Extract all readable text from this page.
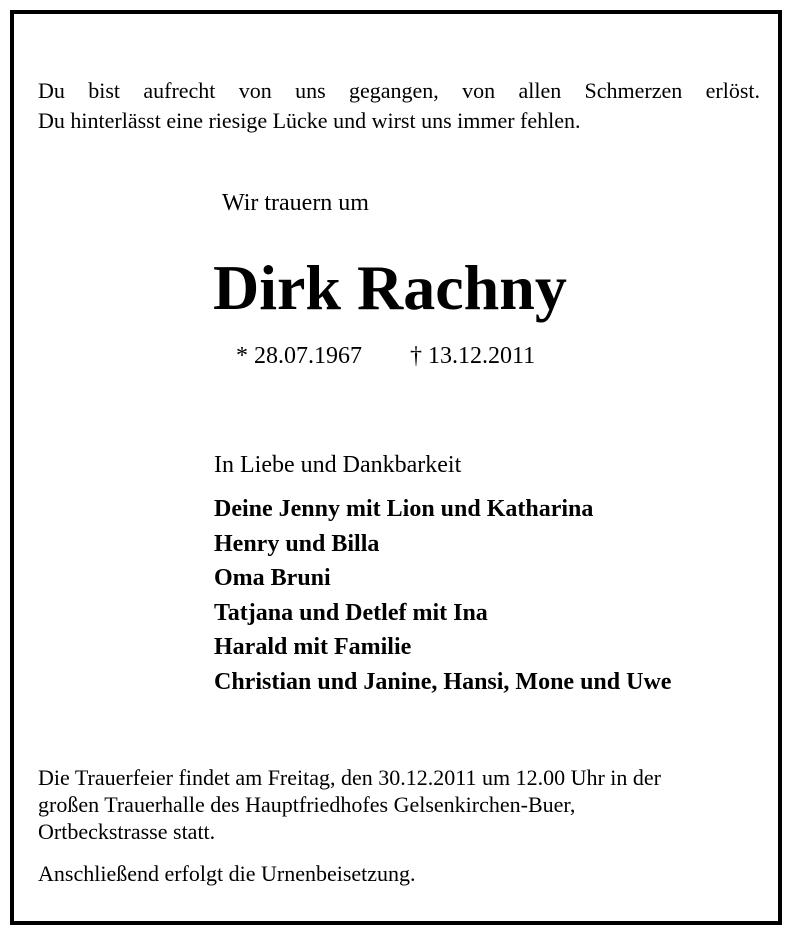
Du bist aufrecht von uns gegangen, von allen Schmerzen erlöst.
Du hinterlässt eine riesige Lücke und wirst uns immer fehlen.
Wir trauern um
Dirk Rachny
* 28.07.1967 † 13.12.2011
In Liebe und Dankbarkeit
Deine Jenny mit Lion und Katharina
Henry und Billa
Oma Bruni
Tatjana und Detlef mit Ina
Harald mit Familie
Christian und Janine, Hansi, Mone und Uwe
Die Trauerfeier findet am Freitag, den 30.12.2011 um 12.00 Uhr in der
großen Trauerhalle des Hauptfriedhofes Gelsenkirchen-Buer,
Ortbeckstrasse statt.
Anschließend erfolgt die Urnenbeisetzung.
